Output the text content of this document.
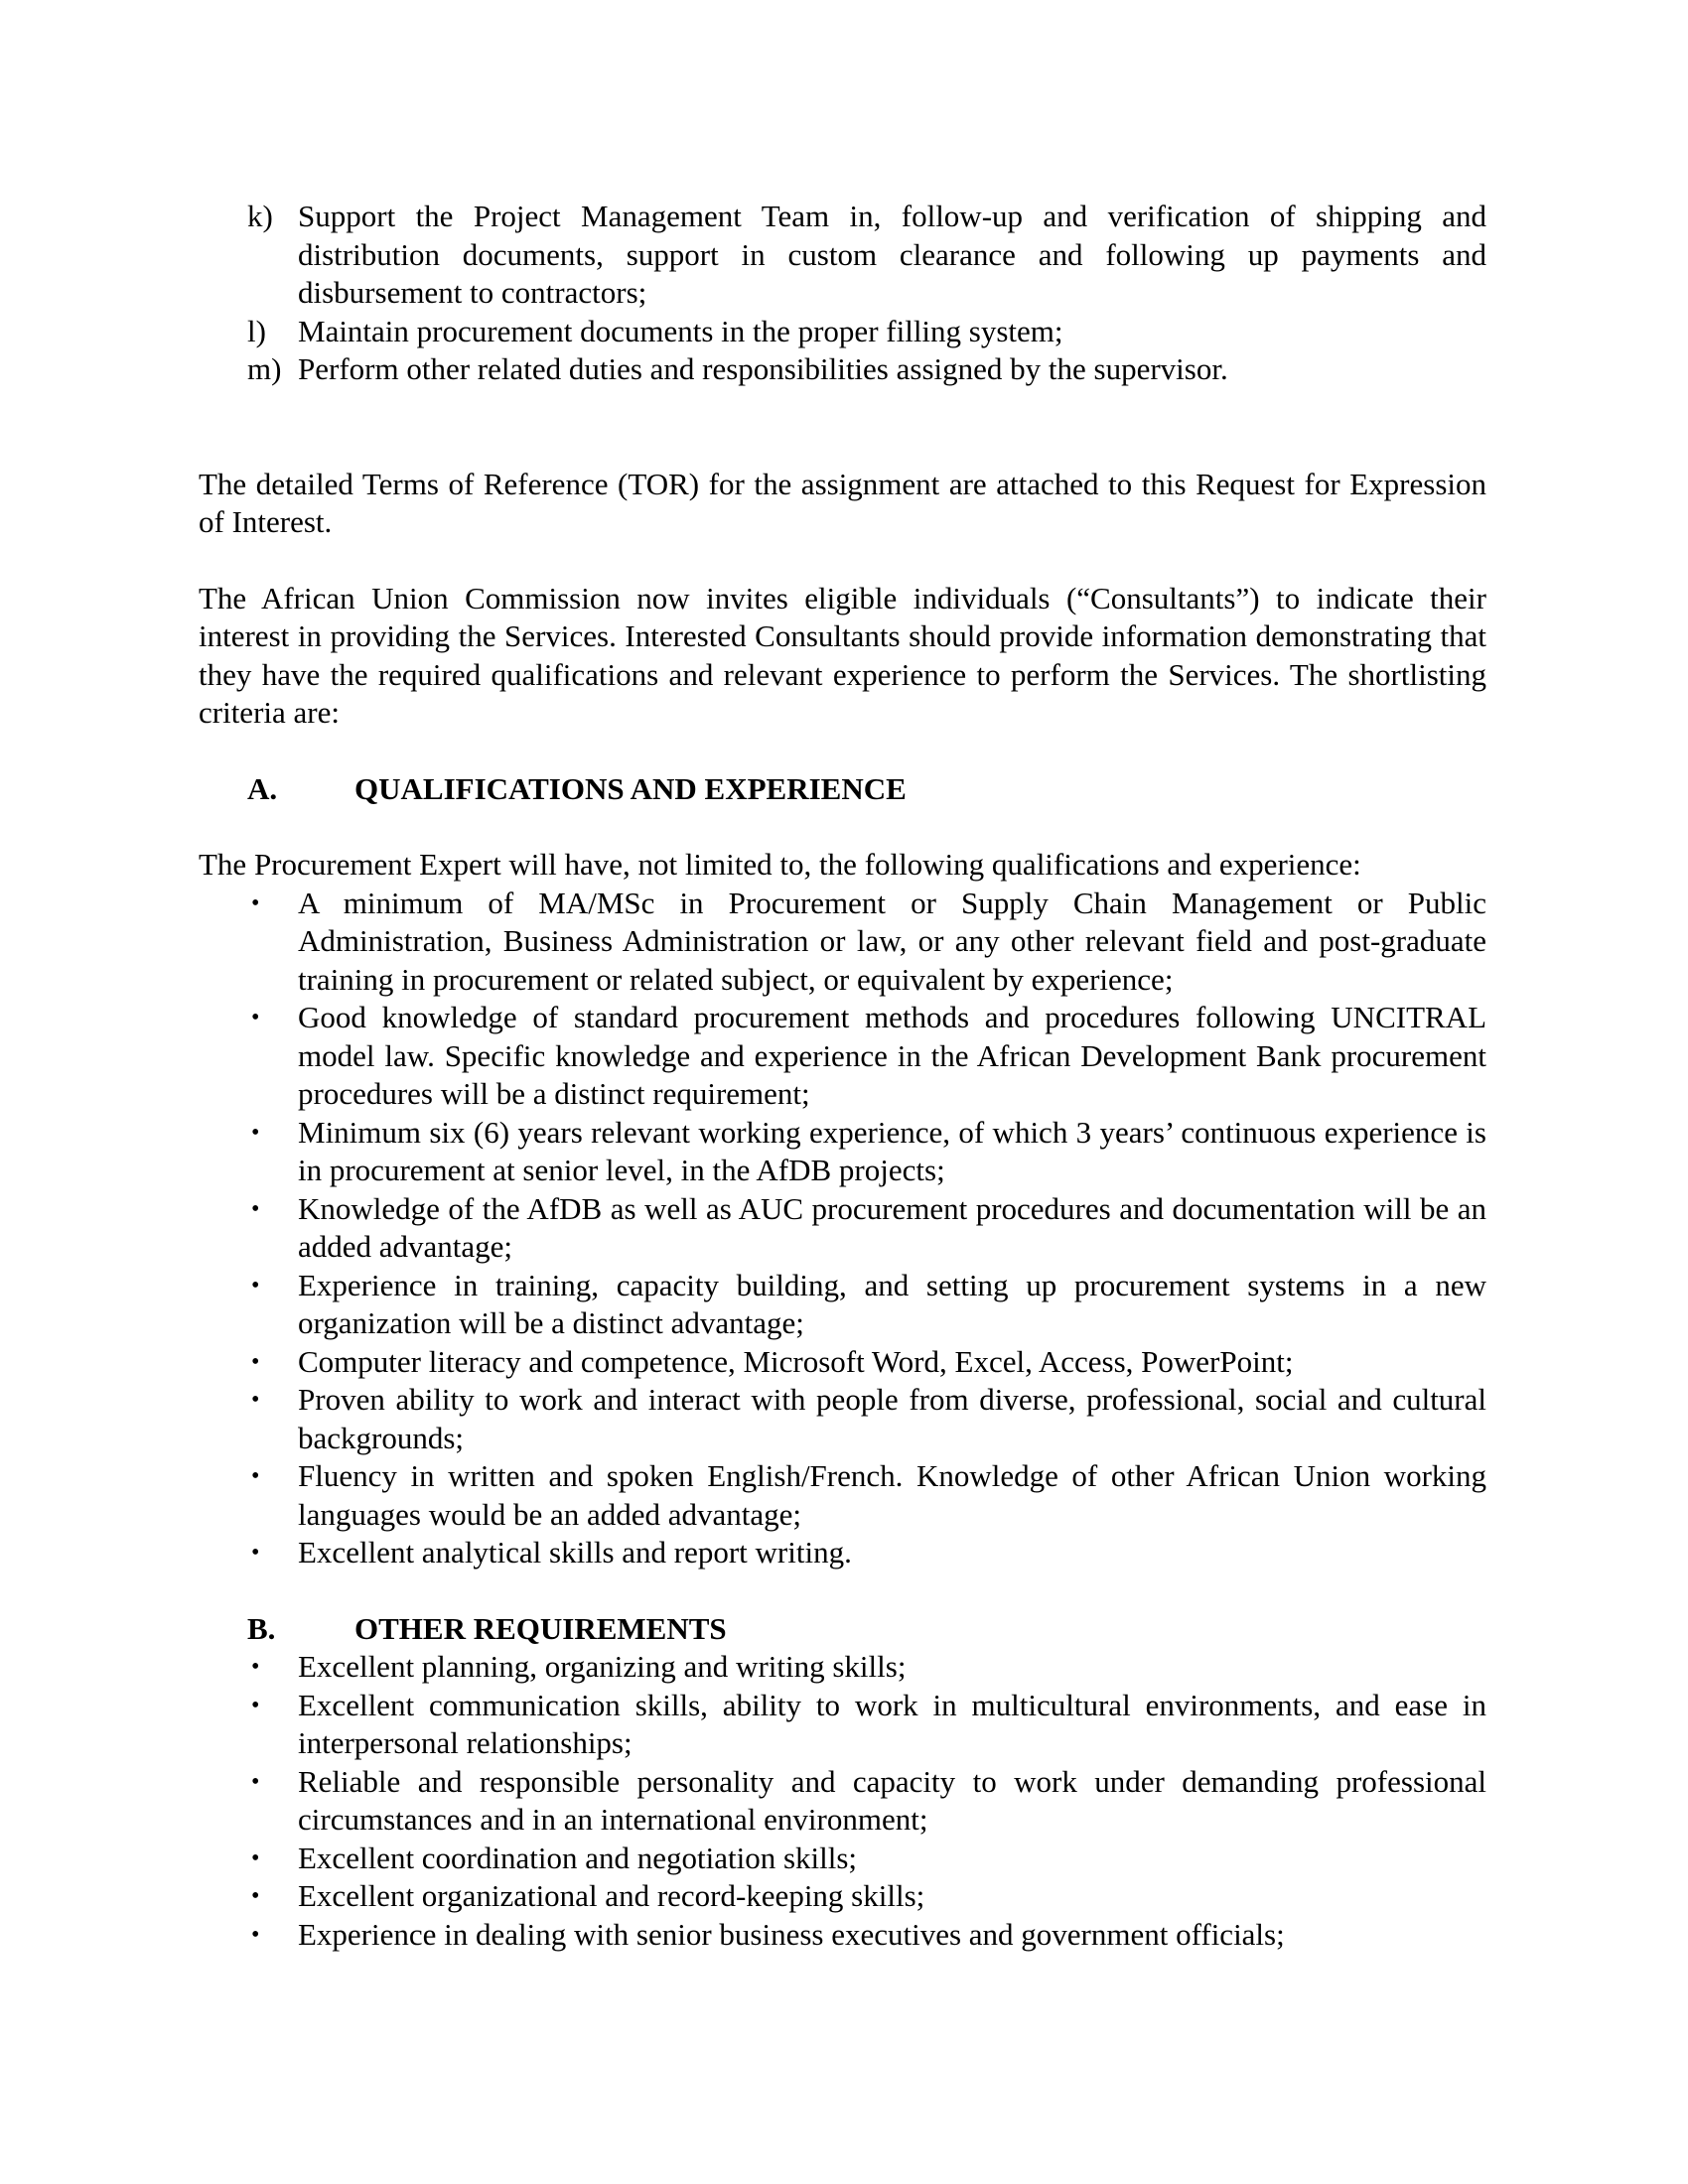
k) Support the Project Management Team in, follow-up and verification of shipping and distribution documents, support in custom clearance and following up payments and disbursement to contractors;
l) Maintain procurement documents in the proper filling system;
m) Perform other related duties and responsibilities assigned by the supervisor.

The detailed Terms of Reference (TOR) for the assignment are attached to this Request for Expression of Interest.

The African Union Commission now invites eligible individuals (“Consultants”) to indicate their interest in providing the Services. Interested Consultants should provide information demonstrating that they have the required qualifications and relevant experience to perform the Services. The shortlisting criteria are:

A.	QUALIFICATIONS AND EXPERIENCE

The Procurement Expert will have, not limited to, the following qualifications and experience:

• A minimum of MA/MSc in Procurement or Supply Chain Management or Public Administration, Business Administration or law, or any other relevant field and post-graduate training in procurement or related subject, or equivalent by experience;
• Good knowledge of standard procurement methods and procedures following UNCITRAL model law. Specific knowledge and experience in the African Development Bank procurement procedures will be a distinct requirement;
• Minimum six (6) years relevant working experience, of which 3 years’ continuous experience is in procurement at senior level, in the AfDB projects;
• Knowledge of the AfDB as well as AUC procurement procedures and documentation will be an added advantage;
• Experience in training, capacity building, and setting up procurement systems in a new organization will be a distinct advantage;
• Computer literacy and competence, Microsoft Word, Excel, Access, PowerPoint;
• Proven ability to work and interact with people from diverse, professional, social and cultural backgrounds;
• Fluency in written and spoken English/French. Knowledge of other African Union working languages would be an added advantage;
• Excellent analytical skills and report writing.

B.	OTHER REQUIREMENTS

• Excellent planning, organizing and writing skills;
• Excellent communication skills, ability to work in multicultural environments, and ease in interpersonal relationships;
• Reliable and responsible personality and capacity to work under demanding professional circumstances and in an international environment;
• Excellent coordination and negotiation skills;
• Excellent organizational and record-keeping skills;
• Experience in dealing with senior business executives and government officials;
